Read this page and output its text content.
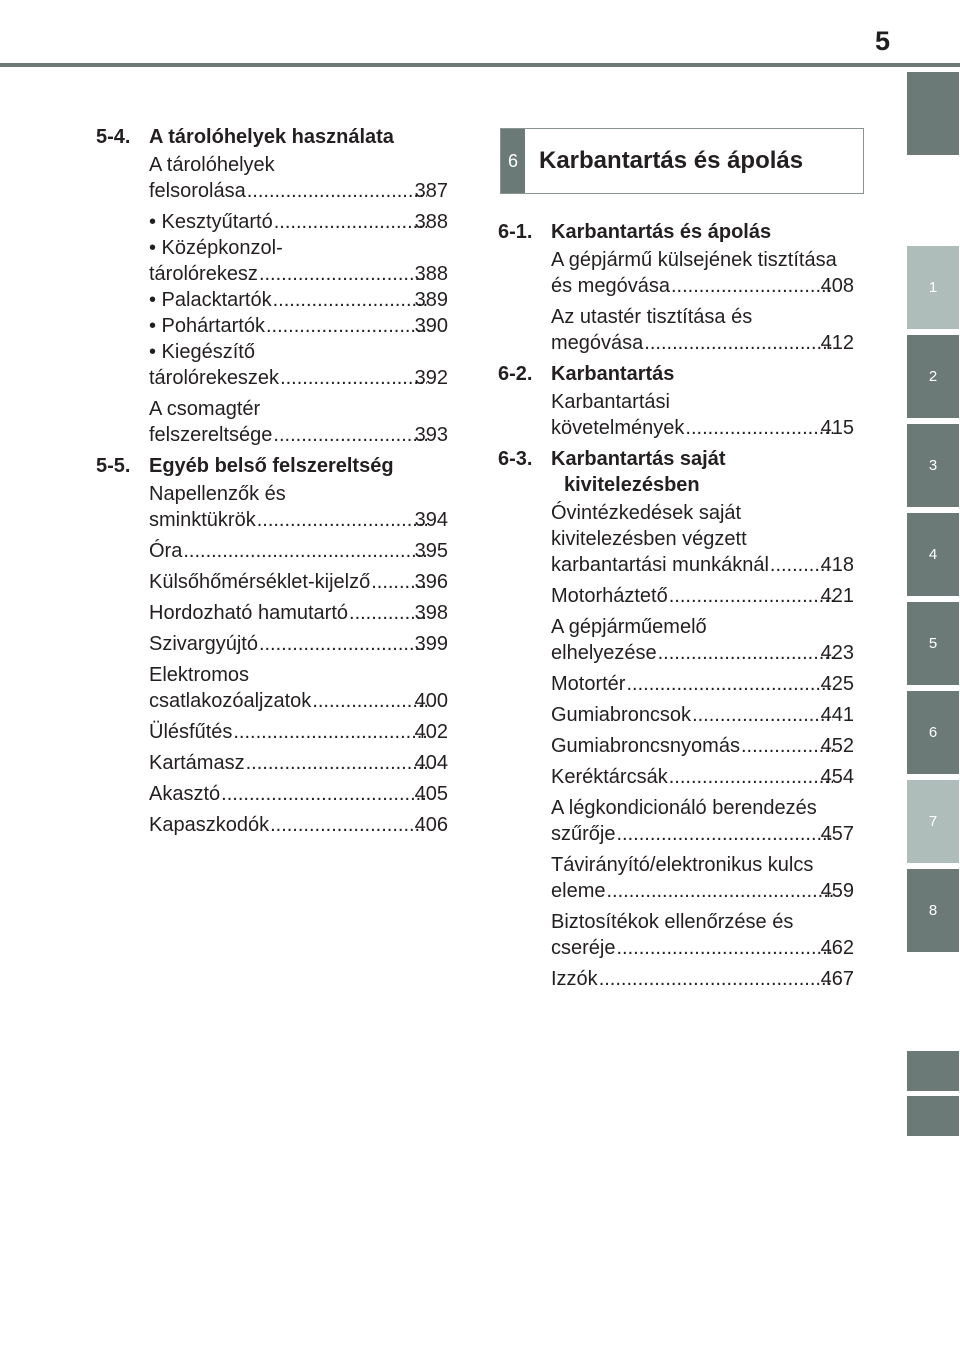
5
1
2
3
4
5
6
7
8
5-4. A tárolóhelyek használata
A tárolóhelyek
felsorolása .....	387
• Kesztyűtartó .....	388
• Középkonzol-
tárolórekesz .....	388
• Palacktartók .....	389
• Pohártartók .....	390
• Kiegészítő
tárolórekeszek .....	392
A csomagtér
felszereltsége .....	393
5-5. Egyéb belső felszereltség
Napellenzők és
sminktükrök .....	394
Óra .....	395
Külsőhőmérséklet-kijelző ..... 396
Hordozható hamutartó .....	398
Szivargyújtó .....	399
Elektromos
csatlakozóaljzatok .....	400
Ülésfűtés .....	402
Kartámasz .....	404
Akasztó .....	405
Kapaszkodók .....	406
6 Karbantartás és ápolás
6-1. Karbantartás és ápolás
A gépjármű külsejének tisztítása
és megóvása .....	408
Az utastér tisztítása és
megóvása .....	412
6-2. Karbantartás
Karbantartási
követelmények .....	415
6-3. Karbantartás saját kivitelezésben
Óvintézkedések saját
kivitelezésben végzett
karbantartási munkáknál .....	418
Motorháztető .....	421
A gépjárműemelő
elhelyezése .....	423
Motortér .....	425
Gumiabroncsok .....	441
Gumiabroncsnyomás .....	452
Keréktárcsák .....	454
A légkondicionáló berendezés
szűrője .....	457
Távirányító/elektronikus kulcs
eleme .....	459
Biztosítékok ellenőrzése és
cseréje .....	462
Izzók .....	467
